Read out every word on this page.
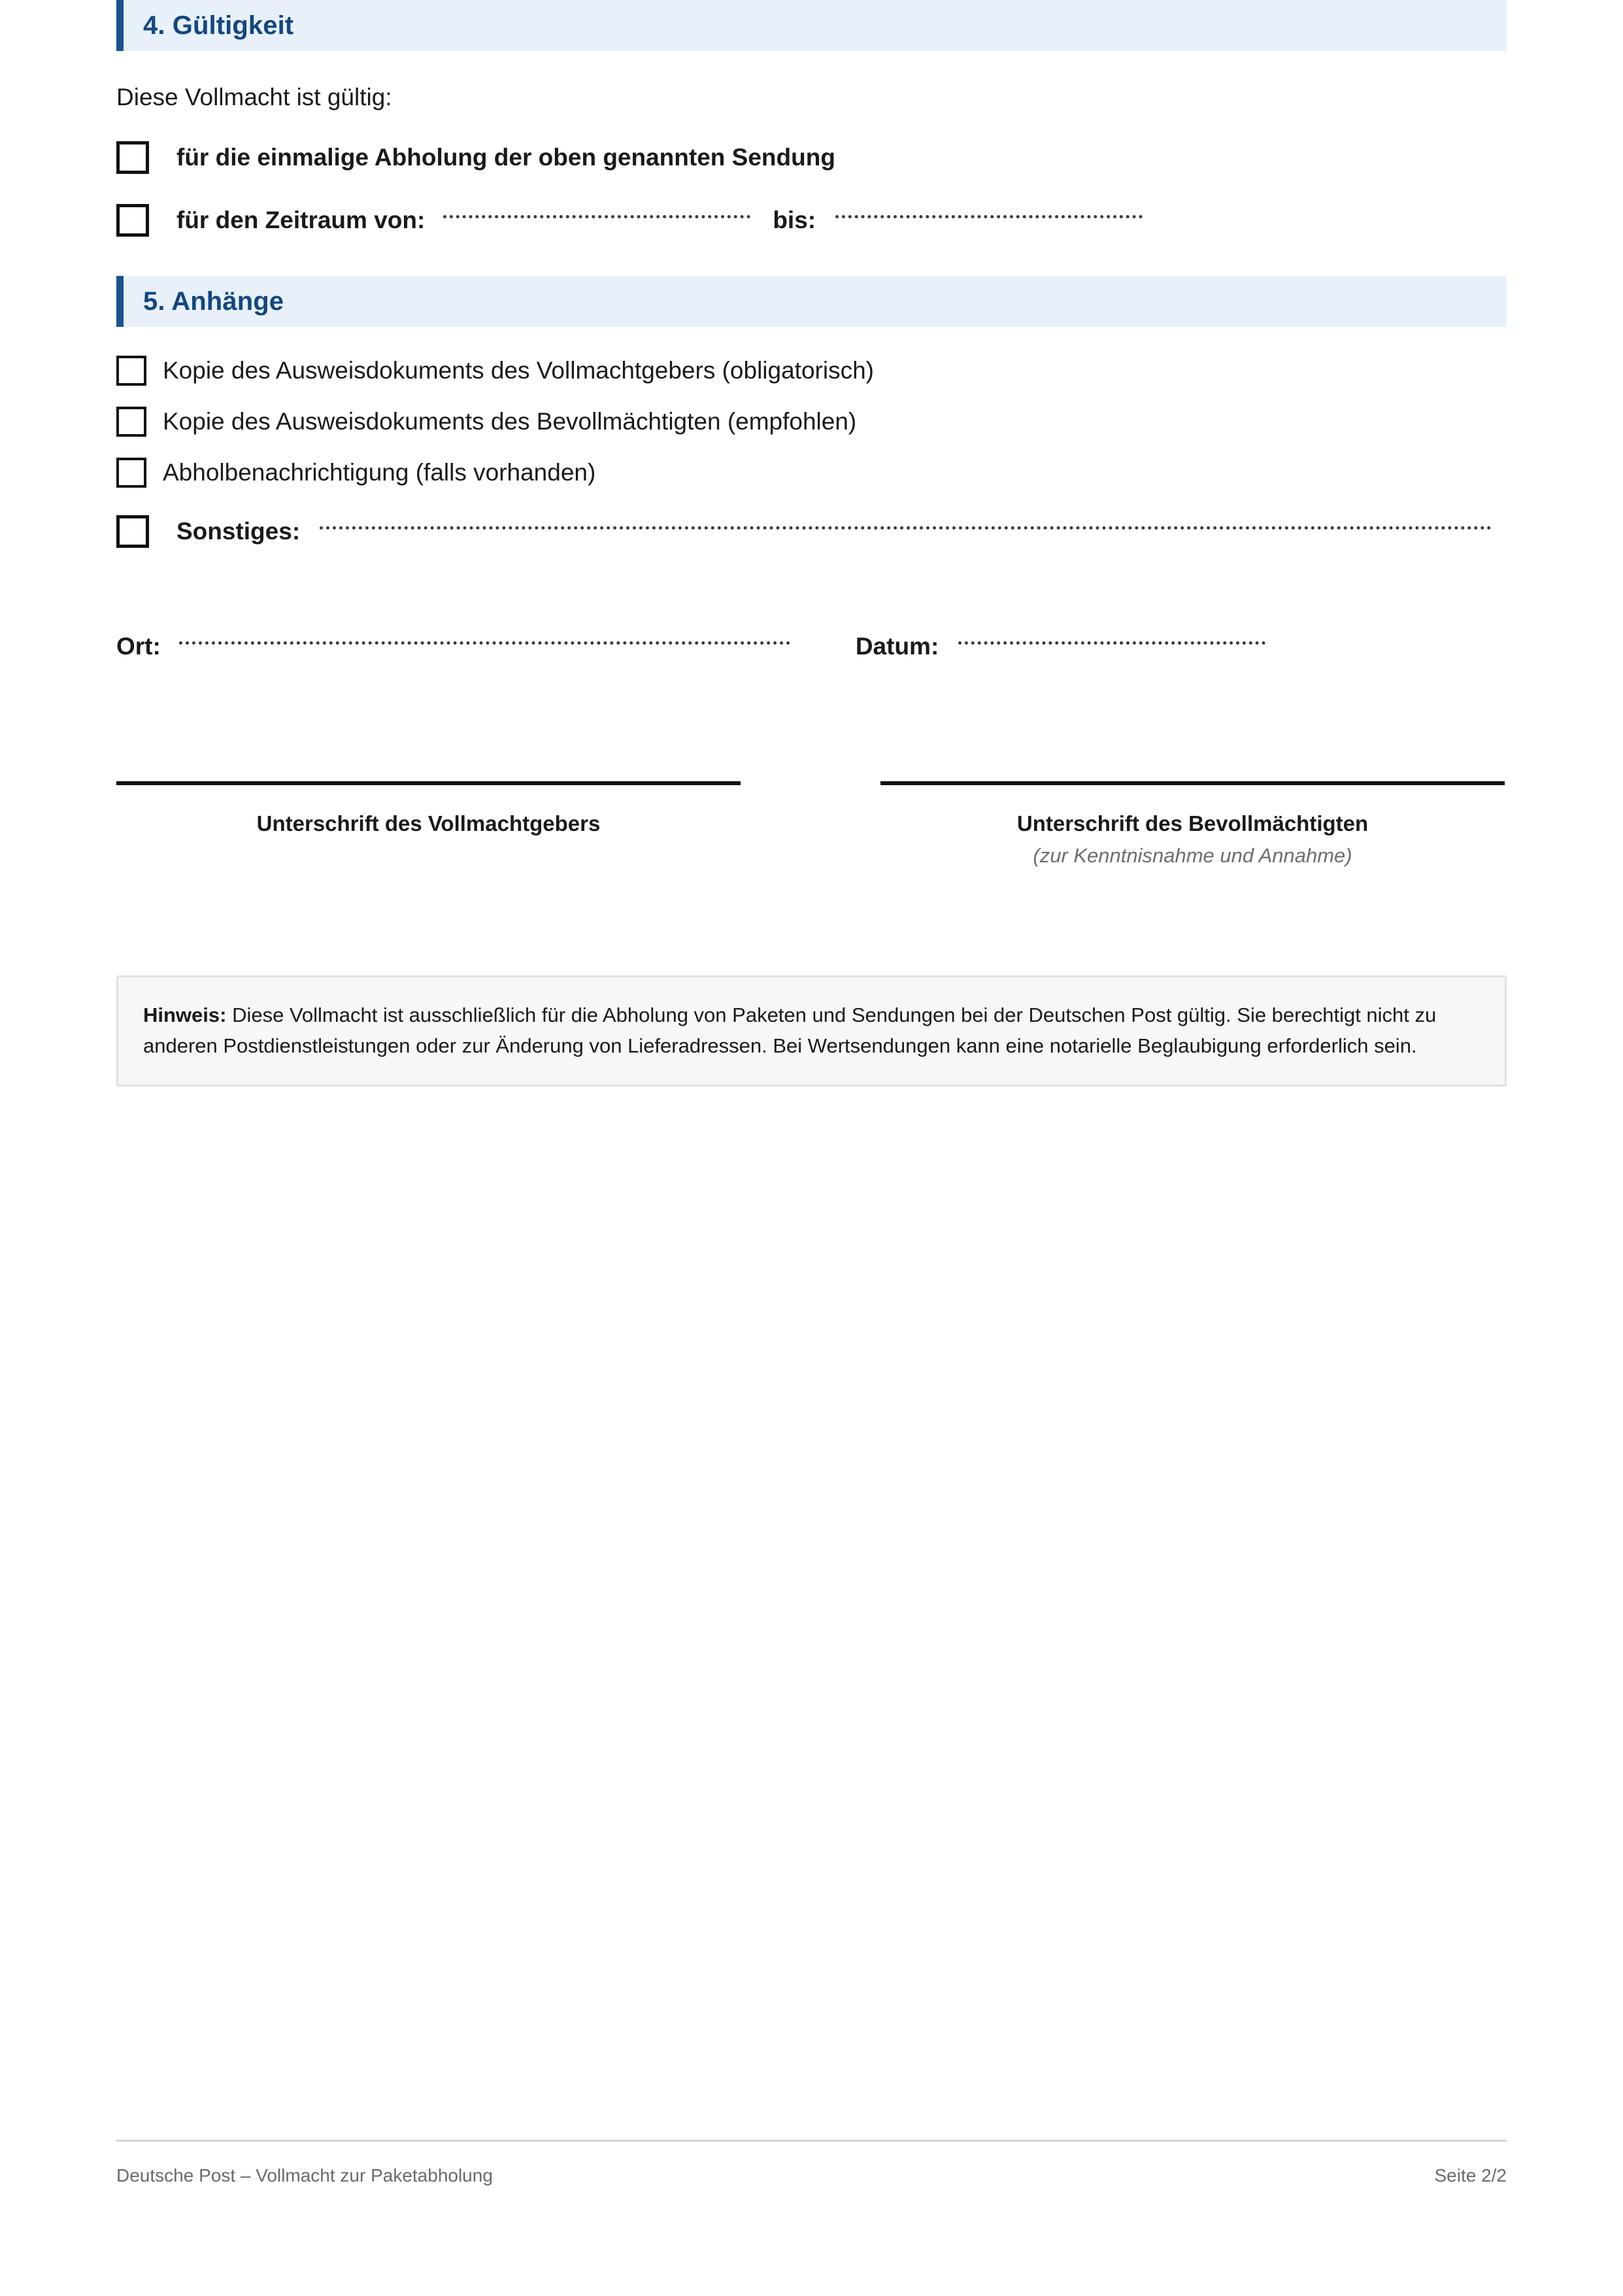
4. Gültigkeit

Diese Vollmacht ist gültig:

für die einmalige Abholung der oben genannten Sendung
für den Zeitraum von:	bis:
5. Anhänge
Kopie des Ausweisdokuments des Vollmachtgebers (obligatorisch)
Kopie des Ausweisdokuments des Bevollmächtigten (empfohlen)
Abholbenachrichtigung (falls vorhanden)
Sonstiges:
Ort:	Datum:
Unterschrift des Vollmachtgebers	Unterschrift des Bevollmächtigten
(zur Kenntnisnahme und Annahme)
Hinweis: Diese Vollmacht ist ausschließlich für die Abholung von Paketen und Sendungen bei der Deutschen Post gültig. Sie berechtigt nicht zu anderen Postdienstleistungen oder zur Änderung von Lieferadressen. Bei Wertsendungen kann eine notarielle Beglaubigung erforderlich sein.
Deutsche Post – Vollmacht zur Paketabholung	Seite 2/2
